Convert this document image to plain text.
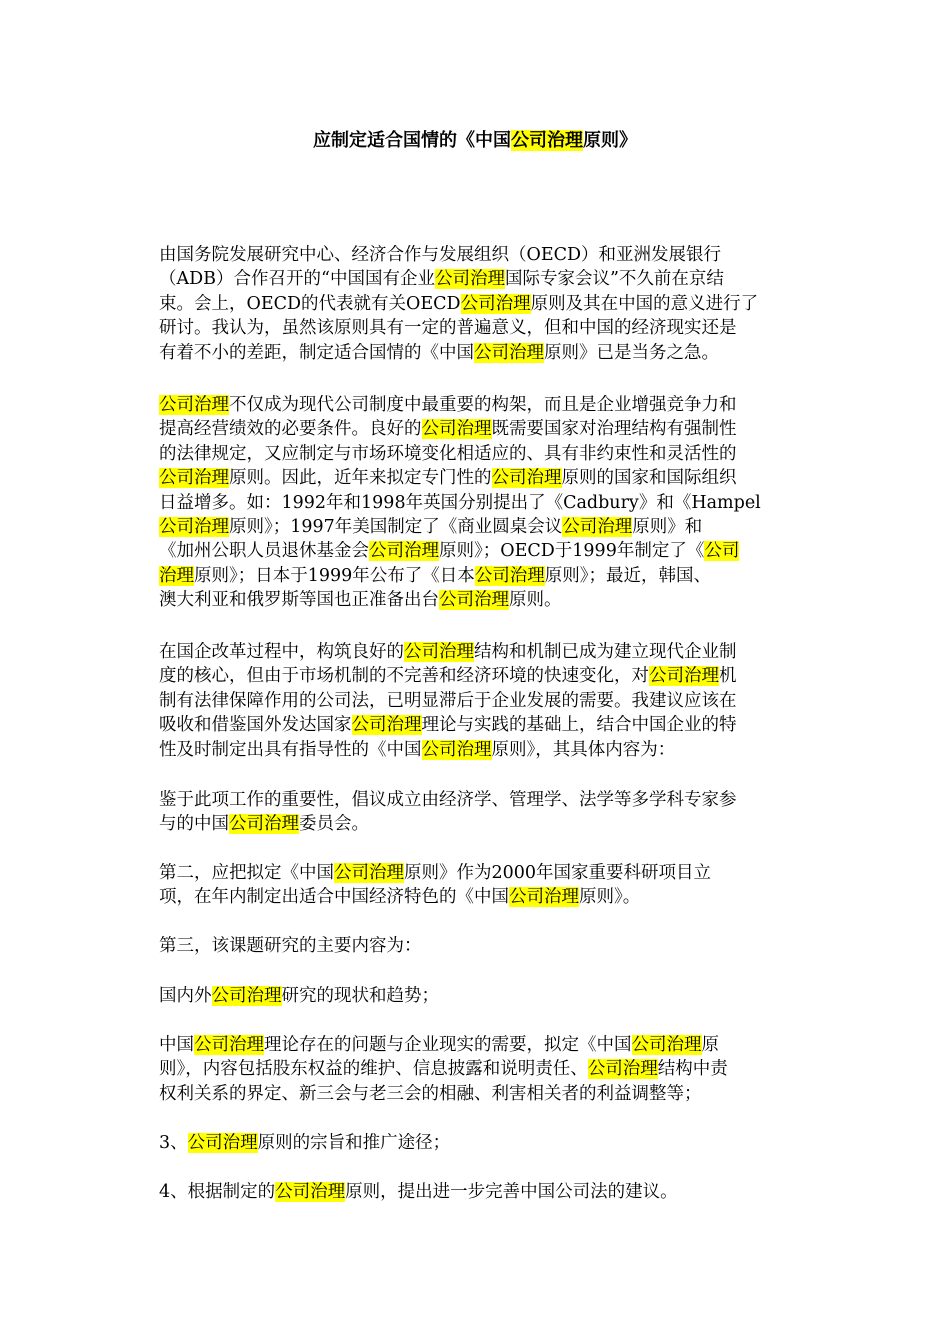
应制定适合国情的《中国公司治理原则》
由国务院发展研究中心、经济合作与发展组织（OECD）和亚洲发展银行
（ADB）合作召开的“中国国有企业公司治理国际专家会议”不久前在京结
束。会上，OECD的代表就有关OECD公司治理原则及其在中国的意义进行了
研讨。我认为，虽然该原则具有一定的普遍意义，但和中国的经济现实还是
有着不小的差距，制定适合国情的《中国公司治理原则》已是当务之急。
公司治理不仅成为现代公司制度中最重要的构架，而且是企业增强竞争力和
提高经营绩效的必要条件。良好的公司治理既需要国家对治理结构有强制性
的法律规定，又应制定与市场环境变化相适应的、具有非约束性和灵活性的
公司治理原则。因此，近年来拟定专门性的公司治理原则的国家和国际组织
日益增多。如：1992年和1998年英国分别提出了《Cadbury》和《Hampel
公司治理原则》；1997年美国制定了《商业圆桌会议公司治理原则》和
《加州公职人员退休基金会公司治理原则》；OECD于1999年制定了《公司
治理原则》；日本于1999年公布了《日本公司治理原则》；最近，韩国、
澳大利亚和俄罗斯等国也正准备出台公司治理原则。
在国企改革过程中，构筑良好的公司治理结构和机制已成为建立现代企业制
度的核心，但由于市场机制的不完善和经济环境的快速变化，对公司治理机
制有法律保障作用的公司法，已明显滞后于企业发展的需要。我建议应该在
吸收和借鉴国外发达国家公司治理理论与实践的基础上，结合中国企业的特
性及时制定出具有指导性的《中国公司治理原则》，其具体内容为：
鉴于此项工作的重要性，倡议成立由经济学、管理学、法学等多学科专家参
与的中国公司治理委员会。
第二，应把拟定《中国公司治理原则》作为2000年国家重要科研项目立
项，在年内制定出适合中国经济特色的《中国公司治理原则》。
第三，该课题研究的主要内容为：
国内外公司治理研究的现状和趋势；
中国公司治理理论存在的问题与企业现实的需要，拟定《中国公司治理原
则》，内容包括股东权益的维护、信息披露和说明责任、公司治理结构中责
权利关系的界定、新三会与老三会的相融、利害相关者的利益调整等；
3、公司治理原则的宗旨和推广途径；
4、根据制定的公司治理原则，提出进一步完善中国公司法的建议。
